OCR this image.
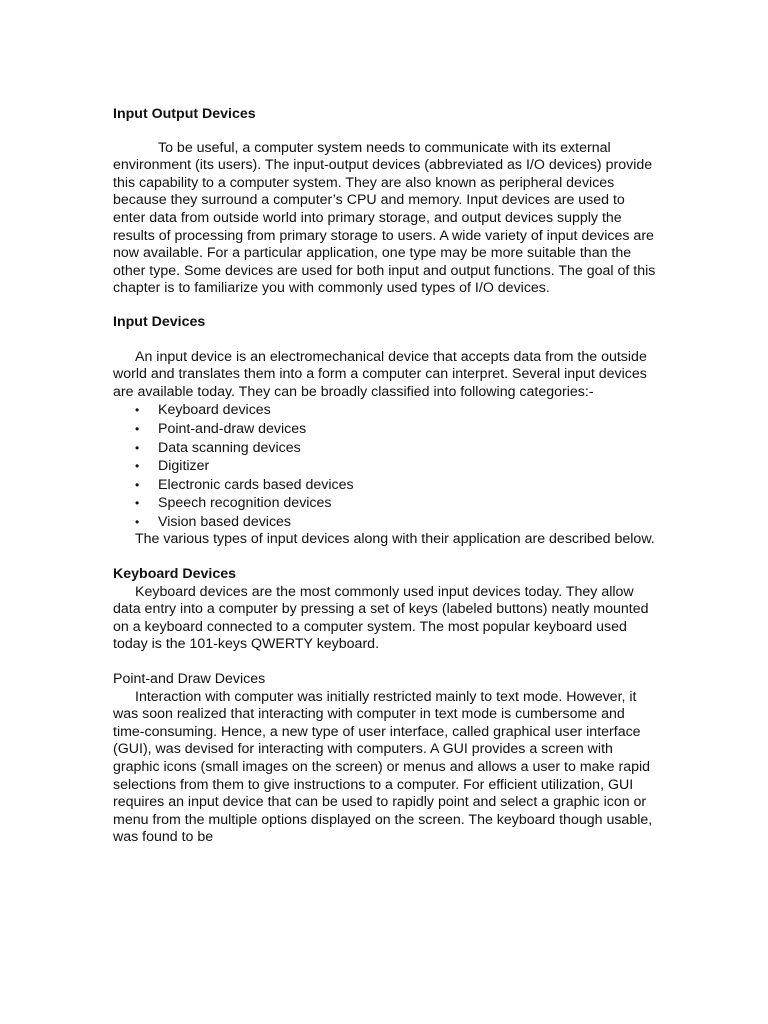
Input Output Devices

To be useful, a computer system needs to communicate with its external environment (its users). The input-output devices (abbreviated as I/O devices) provide this capability to a computer system. They are also known as peripheral devices because they surround a computer’s CPU and memory. Input devices are used to enter data from outside world into primary storage, and output devices supply the results of processing from primary storage to users. A wide variety of input devices are now available. For a particular application, one type may be more suitable than the other type. Some devices are used for both input and output functions. The goal of this chapter is to familiarize you with commonly used types of I/O devices.

Input Devices

An input device is an electromechanical device that accepts data from the outside world and translates them into a form a computer can interpret. Several input devices are available today. They can be broadly classified into following categories:-

• Keyboard devices
• Point-and-draw devices
• Data scanning devices
• Digitizer
• Electronic cards based devices
• Speech recognition devices
• Vision based devices

The various types of input devices along with their application are described below.

Keyboard Devices

Keyboard devices are the most commonly used input devices today. They allow data entry into a computer by pressing a set of keys (labeled buttons) neatly mounted on a keyboard connected to a computer system. The most popular keyboard used today is the 101-keys QWERTY keyboard.

Point-and Draw Devices

Interaction with computer was initially restricted mainly to text mode. However, it was soon realized that interacting with computer in text mode is cumbersome and time-consuming. Hence, a new type of user interface, called graphical user interface (GUI), was devised for interacting with computers. A GUI provides a screen with graphic icons (small images on the screen) or menus and allows a user to make rapid selections from them to give instructions to a computer. For efficient utilization, GUI requires an input device that can be used to rapidly point and select a graphic icon or menu from the multiple options displayed on the screen. The keyboard though usable, was found to be
